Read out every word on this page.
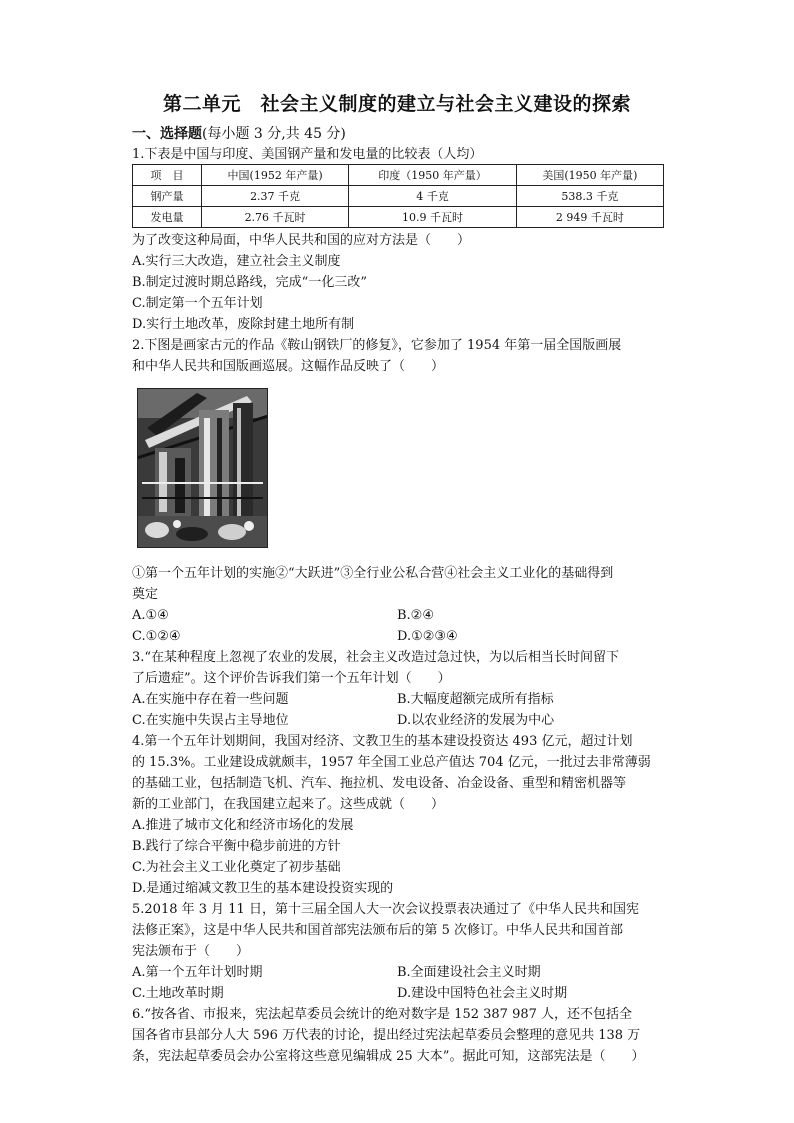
第二单元　社会主义制度的建立与社会主义建设的探索
一、选择题(每小题 3 分,共 45 分)
1.下表是中国与印度、美国钢产量和发电量的比较表（人均）
项　目	中国(1952 年产量)	印度（1950 年产量）	美国(1950 年产量)
钢产量	2.37 千克	4 千克	538.3 千克
发电量	2.76 千瓦时	10.9 千瓦时	2 949 千瓦时
为了改变这种局面，中华人民共和国的应对方法是（　　）
A.实行三大改造，建立社会主义制度
B.制定过渡时期总路线，完成“一化三改”
C.制定第一个五年计划
D.实行土地改革，废除封建土地所有制
2.下图是画家古元的作品《鞍山钢铁厂的修复》，它参加了 1954 年第一届全国版画展
和中华人民共和国版画巡展。这幅作品反映了（　　）
①第一个五年计划的实施②“大跃进”③全行业公私合营④社会主义工业化的基础得到
奠定
A.①④	B.②④
C.①②④	D.①②③④
3.“在某种程度上忽视了农业的发展，社会主义改造过急过快，为以后相当长时间留下
了后遗症”。这个评价告诉我们第一个五年计划（　　）
A.在实施中存在着一些问题	B.大幅度超额完成所有指标
C.在实施中失误占主导地位	D.以农业经济的发展为中心
4.第一个五年计划期间，我国对经济、文教卫生的基本建设投资达 493 亿元，超过计划
的 15.3%。工业建设成就颇丰，1957 年全国工业总产值达 704 亿元，一批过去非常薄弱
的基础工业，包括制造飞机、汽车、拖拉机、发电设备、冶金设备、重型和精密机器等
新的工业部门，在我国建立起来了。这些成就（　　）
A.推进了城市文化和经济市场化的发展
B.践行了综合平衡中稳步前进的方针
C.为社会主义工业化奠定了初步基础
D.是通过缩减文教卫生的基本建设投资实现的
5.2018 年 3 月 11 日，第十三届全国人大一次会议投票表决通过了《中华人民共和国宪
法修正案》，这是中华人民共和国首部宪法颁布后的第 5 次修订。中华人民共和国首部
宪法颁布于（　　）
A.第一个五年计划时期	B.全面建设社会主义时期
C.土地改革时期	D.建设中国特色社会主义时期
6.“按各省、市报来，宪法起草委员会统计的绝对数字是 152 387 987 人，还不包括全
国各省市县部分人大 596 万代表的讨论，提出经过宪法起草委员会整理的意见共 138 万
条，宪法起草委员会办公室将这些意见编辑成 25 大本”。据此可知，这部宪法是（　　）
